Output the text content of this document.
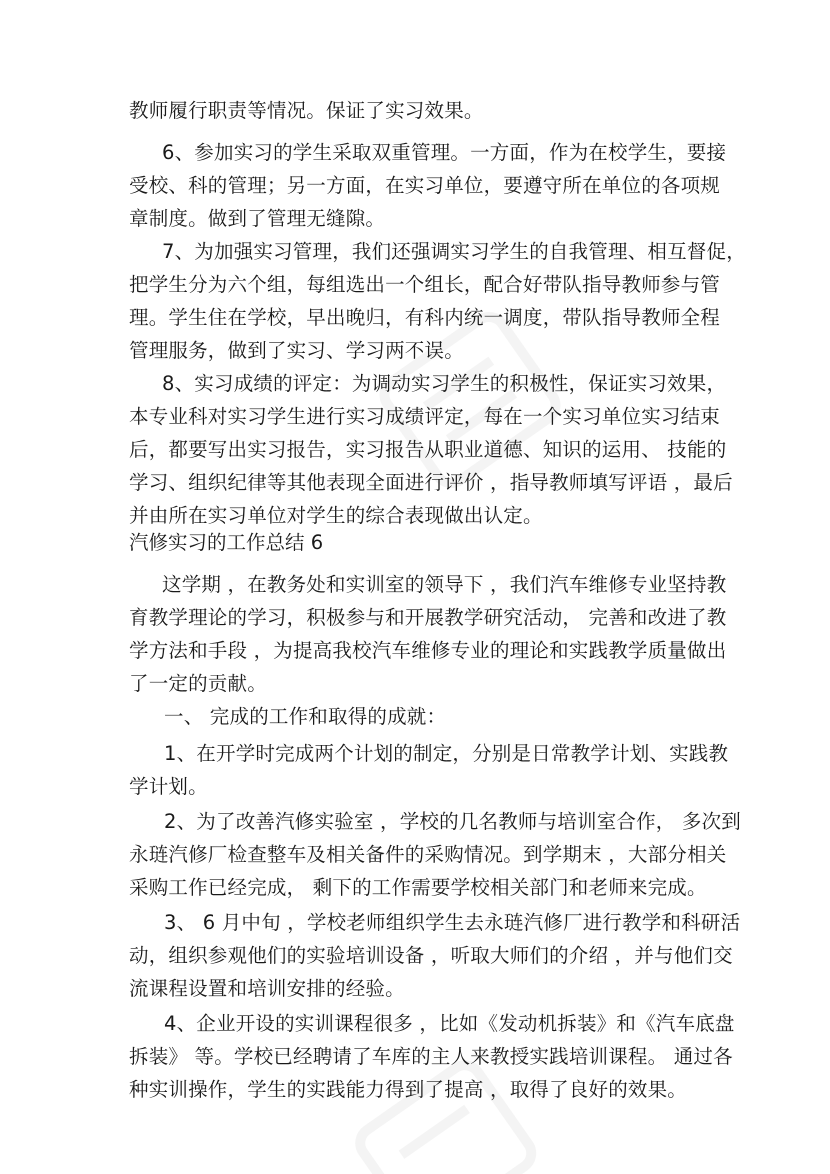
教师履行职责等情况。保证了实习效果。
6、参加实习的学生采取双重管理。一方面，作为在校学生，要接
受校、科的管理；另一方面，在实习单位，要遵守所在单位的各项规
章制度。做到了管理无缝隙。
7、为加强实习管理，我们还强调实习学生的自我管理、相互督促，
把学生分为六个组，每组选出一个组长，配合好带队指导教师参与管
理。学生住在学校，早出晚归，有科内统一调度，带队指导教师全程
管理服务，做到了实习、学习两不误。
8、实习成绩的评定：为调动实习学生的积极性，保证实习效果，
本专业科对实习学生进行实习成绩评定，每在一个实习单位实习结束
后，都要写出实习报告，实习报告从职业道德、知识的运用、 技能的
学习、组织纪律等其他表现全面进行评价 ，指导教师填写评语 ，最后
并由所在实习单位对学生的综合表现做出认定。
汽修实习的工作总结 6
这学期 ，在教务处和实训室的领导下 ，我们汽车维修专业坚持教
育教学理论的学习，积极参与和开展教学研究活动， 完善和改进了教
学方法和手段 ，为提高我校汽车维修专业的理论和实践教学质量做出
了一定的贡献。
一、 完成的工作和取得的成就：
1、在开学时完成两个计划的制定，分别是日常教学计划、实践教
学计划。
2、为了改善汽修实验室 ，学校的几名教师与培训室合作， 多次到
永琏汽修厂检查整车及相关备件的采购情况。到学期末 ，大部分相关
采购工作已经完成， 剩下的工作需要学校相关部门和老师来完成。
3、 6 月中旬 ，学校老师组织学生去永琏汽修厂进行教学和科研活
动，组织参观他们的实验培训设备 ，听取大师们的介绍 ，并与他们交
流课程设置和培训安排的经验。
4、企业开设的实训课程很多 ，比如《发动机拆装》和《汽车底盘
拆装》 等。学校已经聘请了车库的主人来教授实践培训课程。 通过各
种实训操作，学生的实践能力得到了提高 ，取得了良好的效果。
